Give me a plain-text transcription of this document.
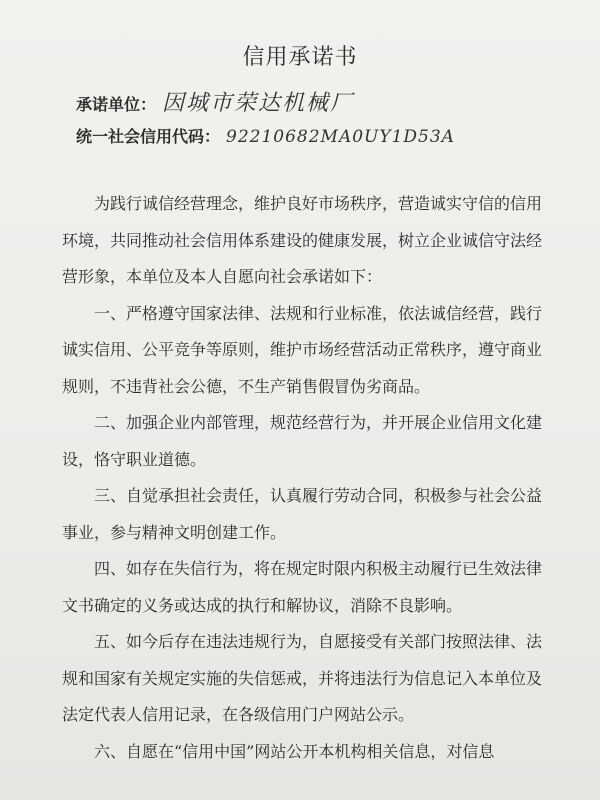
信用承诺书
承诺单位： 因城市荣达机械厂
统一社会信用代码： 92210682MA0UY1D53A

为践行诚信经营理念，维护良好市场秩序，营造诚实守信的信用环境，共同推动社会信用体系建设的健康发展，树立企业诚信守法经营形象，本单位及本人自愿向社会承诺如下：

一、严格遵守国家法律、法规和行业标准，依法诚信经营，践行诚实信用、公平竞争等原则，维护市场经营活动正常秩序，遵守商业规则，不违背社会公德，不生产销售假冒伪劣商品。

二、加强企业内部管理，规范经营行为，并开展企业信用文化建设，恪守职业道德。

三、自觉承担社会责任，认真履行劳动合同，积极参与社会公益事业，参与精神文明创建工作。

四、如存在失信行为，将在规定时限内积极主动履行已生效法律文书确定的义务或达成的执行和解协议，消除不良影响。

五、如今后存在违法违规行为，自愿接受有关部门按照法律、法规和国家有关规定实施的失信惩戒，并将违法行为信息记入本单位及法定代表人信用记录，在各级信用门户网站公示。

六、自愿在“信用中国”网站公开本机构相关信息，对信息
